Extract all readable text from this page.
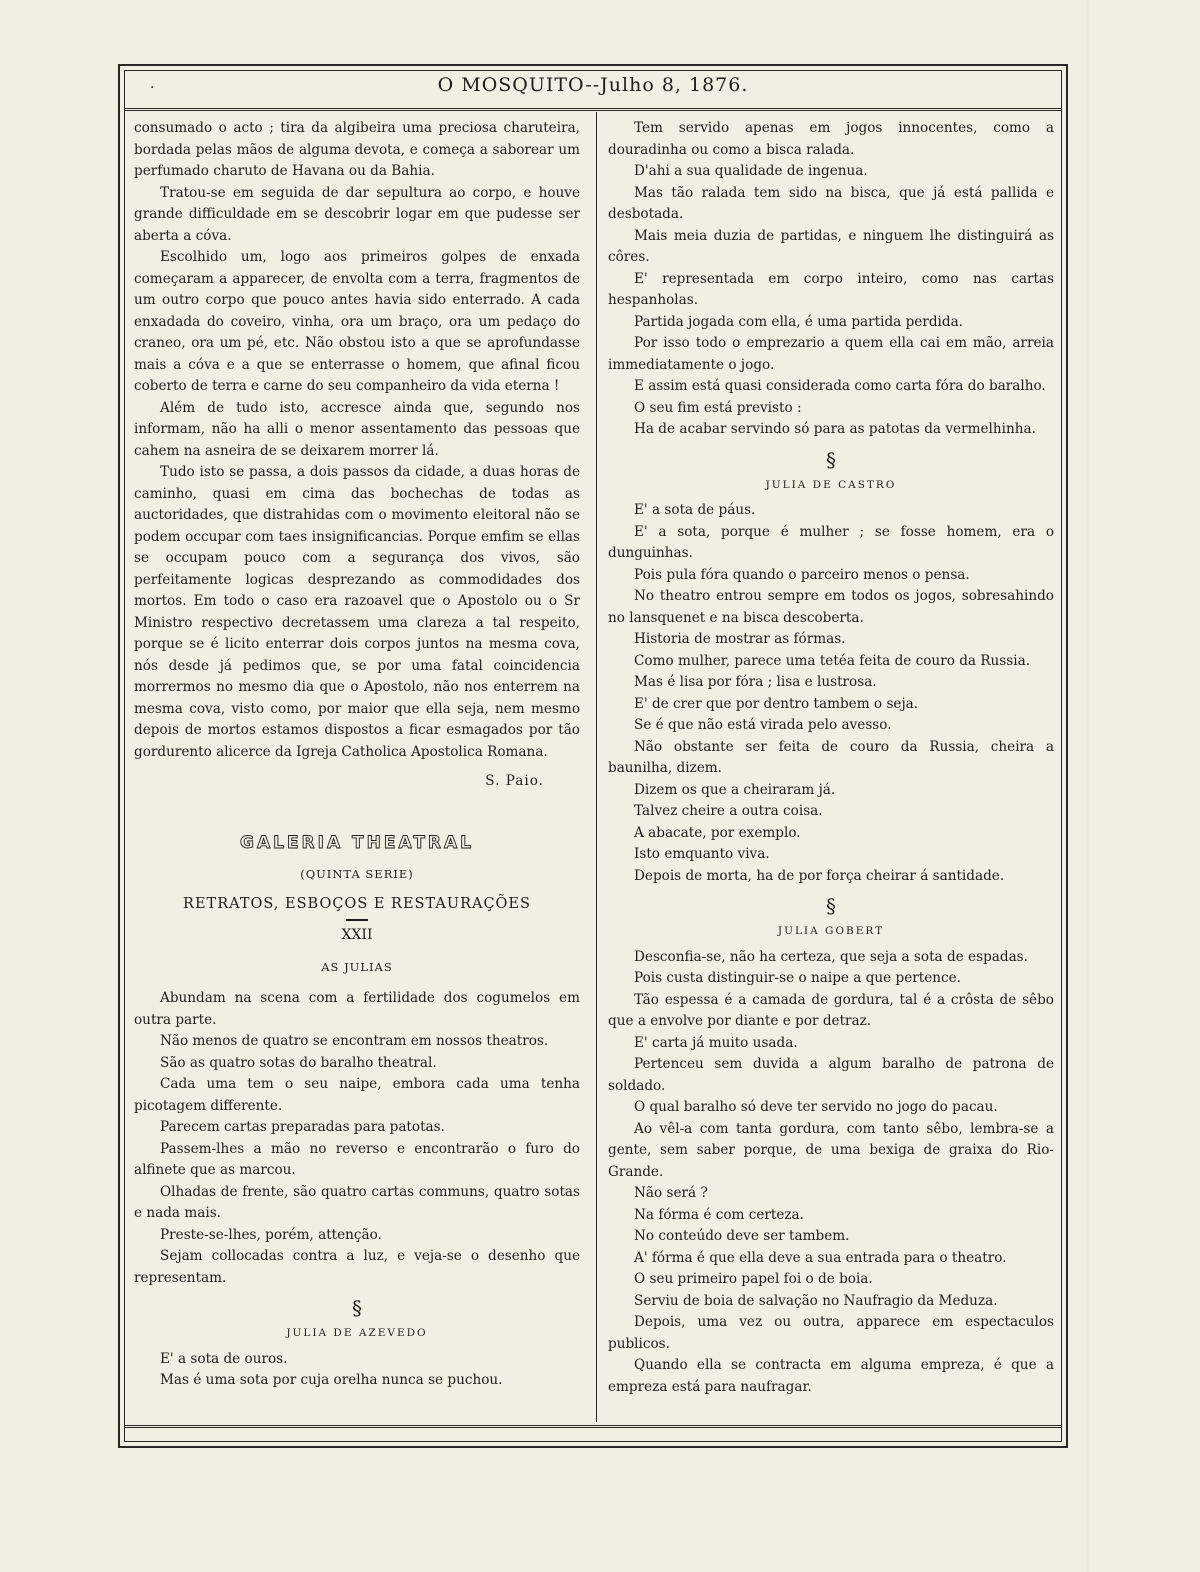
·	O MOSQUITO--Julho 8, 1876.

consumado o acto ; tira da algibeira uma preciosa charuteira, bordada pelas mãos de alguma devota, e começa a saborear um perfumado charuto de Havana ou da Bahia.

Tratou-se em seguida de dar sepultura ao corpo, e houve grande difficuldade em se descobrir logar em que pudesse ser aberta a cóva.

Escolhido um, logo aos primeiros golpes de enxada começaram a apparecer, de envolta com a terra, fragmentos de um outro corpo que pouco antes havia sido enterrado. A cada enxadada do coveiro, vinha, ora um braço, ora um pedaço do craneo, ora um pé, etc. Não obstou isto a que se aprofundasse mais a cóva e a que se enterrasse o homem, que afinal ficou coberto de terra e carne do seu companheiro da vida eterna !

Além de tudo isto, accresce ainda que, segundo nos informam, não ha alli o menor assentamento das pessoas que cahem na asneira de se deixarem morrer lá.

Tudo isto se passa, a dois passos da cidade, a duas horas de caminho, quasi em cima das bochechas de todas as auctoridades, que distrahidas com o movimento eleitoral não se podem occupar com taes insignificancias. Porque emfim se ellas se occupam pouco com a segurança dos vivos, são perfeitamente logicas desprezando as commodidades dos mortos. Em todo o caso era razoavel que o Apostolo ou o Sr Ministro respectivo decretassem uma clareza a tal respeito, porque se é licito enterrar dois corpos juntos na mesma cova, nós desde já pedimos que, se por uma fatal coincidencia morrermos no mesmo dia que o Apostolo, não nos enterrem na mesma cova, visto como, por maior que ella seja, nem mesmo depois de mortos estamos dispostos a ficar esmagados por tão gordurento alicerce da Igreja Catholica Apostolica Romana.

S. Paio.
GALERIA THEATRAL
(QUINTA SERIE)
RETRATOS, ESBOÇOS E RESTAURAÇÕES
XXII
AS JULIAS

Abundam na scena com a fertilidade dos cogumelos em outra parte.

Não menos de quatro se encontram em nossos theatros.

São as quatro sotas do baralho theatral.

Cada uma tem o seu naipe, embora cada uma tenha picotagem differente.

Parecem cartas preparadas para patotas.

Passem-lhes a mão no reverso e encontrarão o furo do alfinete que as marcou.

Olhadas de frente, são quatro cartas communs, quatro sotas e nada mais.

Preste-se-lhes, porém, attenção.

Sejam collocadas contra a luz, e veja-se o desenho que representam.

§
JULIA DE AZEVEDO

E' a sota de ouros.

Mas é uma sota por cuja orelha nunca se puchou.

Tem servido apenas em jogos innocentes, como a douradinha ou como a bisca ralada.

D'ahi a sua qualidade de ingenua.

Mas tão ralada tem sido na bisca, que já está pallida e desbotada.

Mais meia duzia de partidas, e ninguem lhe distinguirá as côres.

E' representada em corpo inteiro, como nas cartas hespanholas.

Partida jogada com ella, é uma partida perdida.

Por isso todo o emprezario a quem ella cai em mão, arreia immediatamente o jogo.

E assim está quasi considerada como carta fóra do baralho.

O seu fim está previsto :

Ha de acabar servindo só para as patotas da vermelhinha.

§
JULIA DE CASTRO

E' a sota de páus.

E' a sota, porque é mulher ; se fosse homem, era o dunguinhas.

Pois pula fóra quando o parceiro menos o pensa.

No theatro entrou sempre em todos os jogos, sobresahindo no lansquenet e na bisca descoberta.

Historia de mostrar as fórmas.

Como mulher, parece uma tetéa feita de couro da Russia.

Mas é lisa por fóra ; lisa e lustrosa.

E' de crer que por dentro tambem o seja.

Se é que não está virada pelo avesso.

Não obstante ser feita de couro da Russia, cheira a baunilha, dizem.

Dizem os que a cheiraram já.

Talvez cheire a outra coisa.

A abacate, por exemplo.

Isto emquanto viva.

Depois de morta, ha de por força cheirar á santidade.

§
JULIA GOBERT

Desconfia-se, não ha certeza, que seja a sota de espadas.

Pois custa distinguir-se o naipe a que pertence.

Tão espessa é a camada de gordura, tal é a crôsta de sêbo que a envolve por diante e por detraz.

E' carta já muito usada.

Pertenceu sem duvida a algum baralho de patrona de soldado.

O qual baralho só deve ter servido no jogo do pacau.

Ao vêl-a com tanta gordura, com tanto sêbo, lembra-se a gente, sem saber porque, de uma bexiga de graixa do Rio-Grande.

Não será ?

Na fórma é com certeza.

No conteúdo deve ser tambem.

A' fórma é que ella deve a sua entrada para o theatro.

O seu primeiro papel foi o de boia.

Serviu de boia de salvação no Naufragio da Meduza.

Depois, uma vez ou outra, apparece em espectaculos publicos.

Quando ella se contracta em alguma empreza, é que a empreza está para naufragar.
